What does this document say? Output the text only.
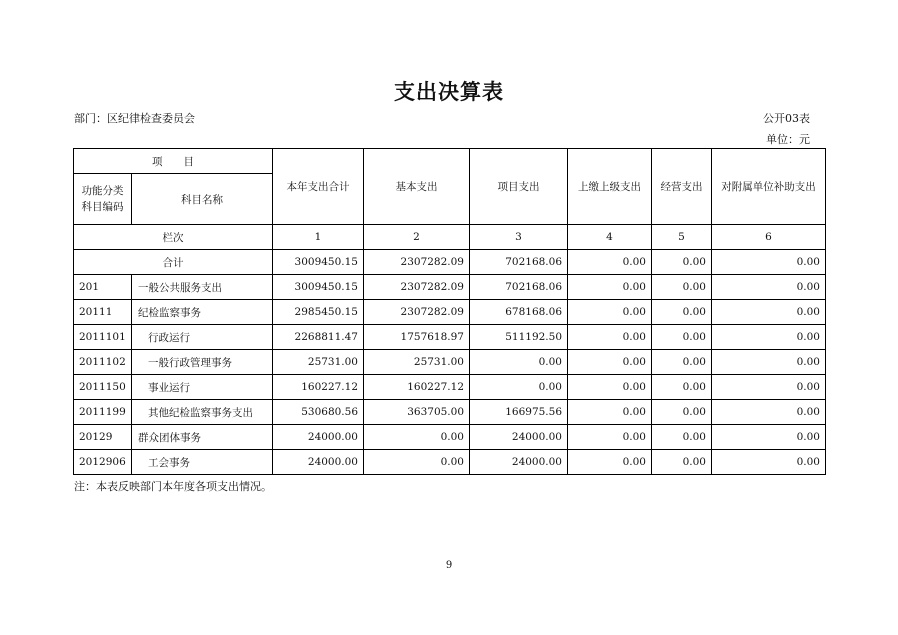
支出决算表
部门：区纪律检查委员会	公开03表
单位：元
项　　目		本年支出合计	基本支出	项目支出	上缴上级支出	经营支出	对附属单位补助支出
功能分类
科目编码	科目名称						
栏次		1	2	3	4	5	6
合计		3009450.15	2307282.09	702168.06	0.00	0.00	0.00
201	一般公共服务支出	3009450.15	2307282.09	702168.06	0.00	0.00	0.00
20111	纪检监察事务	2985450.15	2307282.09	678168.06	0.00	0.00	0.00
2011101	行政运行	2268811.47	1757618.97	511192.50	0.00	0.00	0.00
2011102	一般行政管理事务	25731.00	25731.00	0.00	0.00	0.00	0.00
2011150	事业运行	160227.12	160227.12	0.00	0.00	0.00	0.00
2011199	其他纪检监察事务支出	530680.56	363705.00	166975.56	0.00	0.00	0.00
20129	群众团体事务	24000.00	0.00	24000.00	0.00	0.00	0.00
2012906	工会事务	24000.00	0.00	24000.00	0.00	0.00	0.00
注：本表反映部门本年度各项支出情况。
9
